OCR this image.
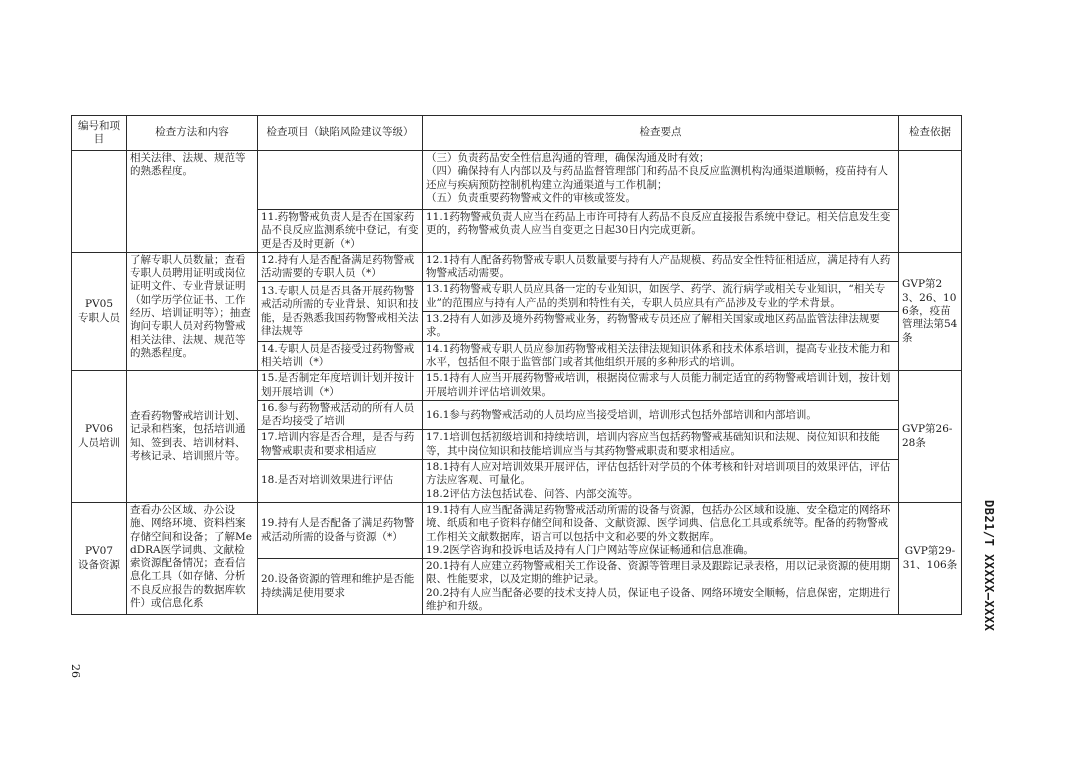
编号和项目	检查方法和内容	检查项目（缺陷风险建议等级）	检查要点	检查依据
	相关法律、法规、规范等的熟悉程度。		（三）负责药品安全性信息沟通的管理，确保沟通及时有效；
（四）确保持有人内部以及与药品监督管理部门和药品不良反应监测机构沟通渠道顺畅，疫苗持有人还应与疾病预防控制机构建立沟通渠道与工作机制；
（五）负责重要药物警戒文件的审核或签发。	

		11.药物警戒负责人是否在国家药品不良反应监测系统中登记，有变更是否及时更新（*）	11.1药物警戒负责人应当在药品上市许可持有人药品不良反应直接报告系统中登记。相关信息发生变更的，药物警戒负责人应当自变更之日起30日内完成更新。	

PV05
专职人员	了解专职人员数量；查看专职人员聘用证明或岗位证明文件、专业背景证明（如学历学位证书、工作经历、培训证明等）；抽查询问专职人员对药物警戒相关法律、法规、规范等的熟悉程度。	12.持有人是否配备满足药物警戒活动需要的专职人员（*）	12.1持有人配备药物警戒专职人员数量要与持有人产品规模、药品安全性特征相适应，满足持有人药物警戒活动需要。	GVP第23、26、106条，疫苗管理法第54条
		13.专职人员是否具备开展药物警戒活动所需的专业背景、知识和技能，是否熟悉我国药物警戒相关法律法规等	13.1药物警戒专职人员应具备一定的专业知识，如医学、药学、流行病学或相关专业知识，“相关专业”的范围应与持有人产品的类别和特性有关，专职人员应具有产品涉及专业的学术背景。	
			13.2持有人如涉及境外药物警戒业务，药物警戒专员还应了解相关国家或地区药品监管法律法规要求。	
		14.专职人员是否接受过药物警戒相关培训（*）	14.1药物警戒专职人员应参加药物警戒相关法律法规知识体系和技术体系培训，提高专业技术能力和水平，包括但不限于监管部门或者其他组织开展的多种形式的培训。	

PV06
人员培训	查看药物警戒培训计划、记录和档案，包括培训通知、签到表、培训材料、考核记录、培训照片等。	15.是否制定年度培训计划并按计划开展培训（*）	15.1持有人应当开展药物警戒培训，根据岗位需求与人员能力制定适宜的药物警戒培训计划，按计划开展培训并评估培训效果。	GVP第26-28条
		16.参与药物警戒活动的所有人员是否均接受了培训	16.1参与药物警戒活动的人员均应当接受培训，培训形式包括外部培训和内部培训。	
		17.培训内容是否合理，是否与药物警戒职责和要求相适应	17.1培训包括初级培训和持续培训，培训内容应当包括药物警戒基础知识和法规、岗位知识和技能等，其中岗位知识和技能培训应当与其药物警戒职责和要求相适应。	
		18.是否对培训效果进行评估	18.1持有人应对培训效果开展评估，评估包括针对学员的个体考核和针对培训项目的效果评估，评估方法应客观、可量化。
18.2评估方法包括试卷、问答、内部交流等。	

PV07
设备资源	查看办公区域、办公设施、网络环境、资料档案存储空间和设备；了解MedDRA医学词典、文献检索资源配备情况；查看信息化工具（如存储、分析不良反应报告的数据库软件）或信息化系	19.持有人是否配备了满足药物警戒活动所需的设备与资源（*）	19.1持有人应当配备满足药物警戒活动所需的设备与资源，包括办公区域和设施、安全稳定的网络环境、纸质和电子资料存储空间和设备、文献资源、医学词典、信息化工具或系统等。配备的药物警戒工作相关文献数据库，语言可以包括中文和必要的外文数据库。
19.2医学咨询和投诉电话及持有人门户网站等应保证畅通和信息准确。	GVP第29-31、106条
		20.设备资源的管理和维护是否能持续满足使用要求	20.1持有人应建立药物警戒相关工作设备、资源等管理目录及跟踪记录表格，用以记录资源的使用期限、性能要求，以及定期的维护记录。
20.2持有人应当配备必要的技术支持人员，保证电子设备、网络环境安全顺畅，信息保密，定期进行维护和升级。	
26
DB21/T XXXXX—XXXX
